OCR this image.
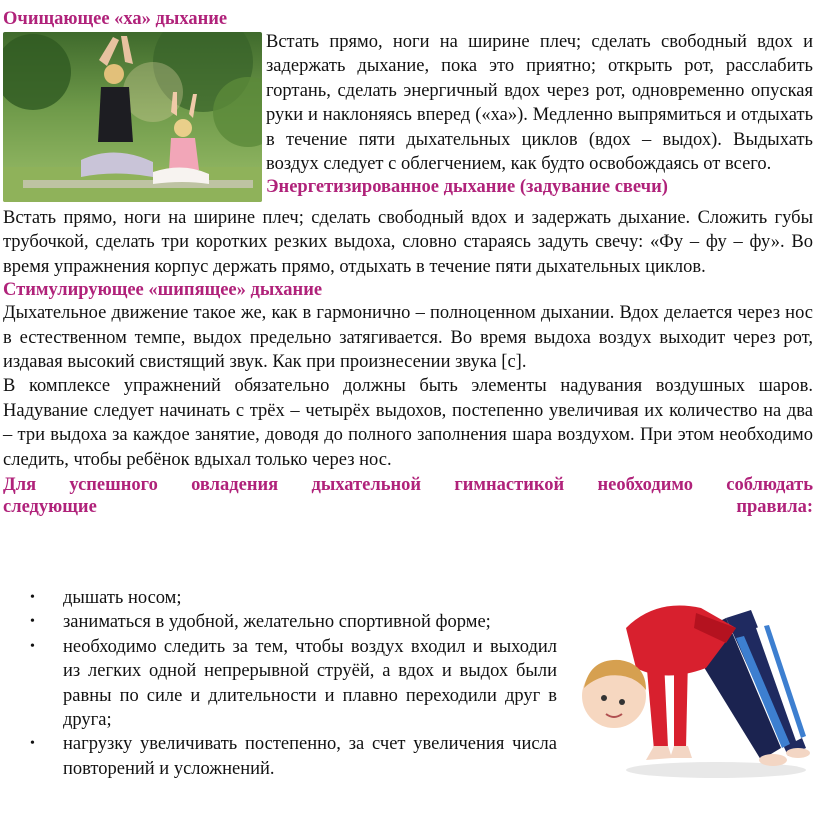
Очищающее «ха» дыхание

Встать прямо, ноги на ширине плеч; сделать свободный вдох и задержать дыхание, пока это приятно; открыть рот, расслабить гортань, сделать энергичный вдох через рот, одновременно опуская руки и наклоняясь вперед («ха»). Медленно выпрямиться и отдыхать в течение пяти дыхательных циклов (вдох – выдох). Выдыхать воздух следует с облегчением, как будто освобождаясь от всего.

Энергетизированное дыхание (задувание свечи)

Встать прямо, ноги на ширине плеч; сделать свободный вдох и задержать дыхание. Сложить губы трубочкой, сделать три коротких резких выдоха, словно стараясь задуть свечу: «Фу – фу – фу». Во время упражнения корпус держать прямо, отдыхать в течение пяти дыхательных циклов.

Стимулирующее «шипящее» дыхание

Дыхательное движение такое же, как в гармонично – полноценном дыхании. Вдох делается через нос в естественном темпе, выдох предельно затягивается. Во время выдоха воздух выходит через рот, издавая высокий свистящий звук. Как при произнесении звука [с].

В комплексе упражнений обязательно должны быть элементы надувания воздушных шаров. Надувание следует начинать с трёх – четырёх выдохов, постепенно увеличивая их количество на два – три выдоха за каждое занятие, доводя до полного заполнения шара воздухом. При этом необходимо следить, чтобы ребёнок вдыхал только через нос.

Для успешного овладения дыхательной гимнастикой необходимо соблюдать
следующие правила:
•	дышать носом;
•	заниматься в удобной, желательно спортивной форме;
•	необходимо следить за тем, чтобы воздух входил и выходил из легких одной непрерывной струёй, а вдох и выдох были равны по силе и длительности и плавно переходили друг в друга;
•	нагрузку увеличивать постепенно, за счет увеличения числа повторений и усложнений.
